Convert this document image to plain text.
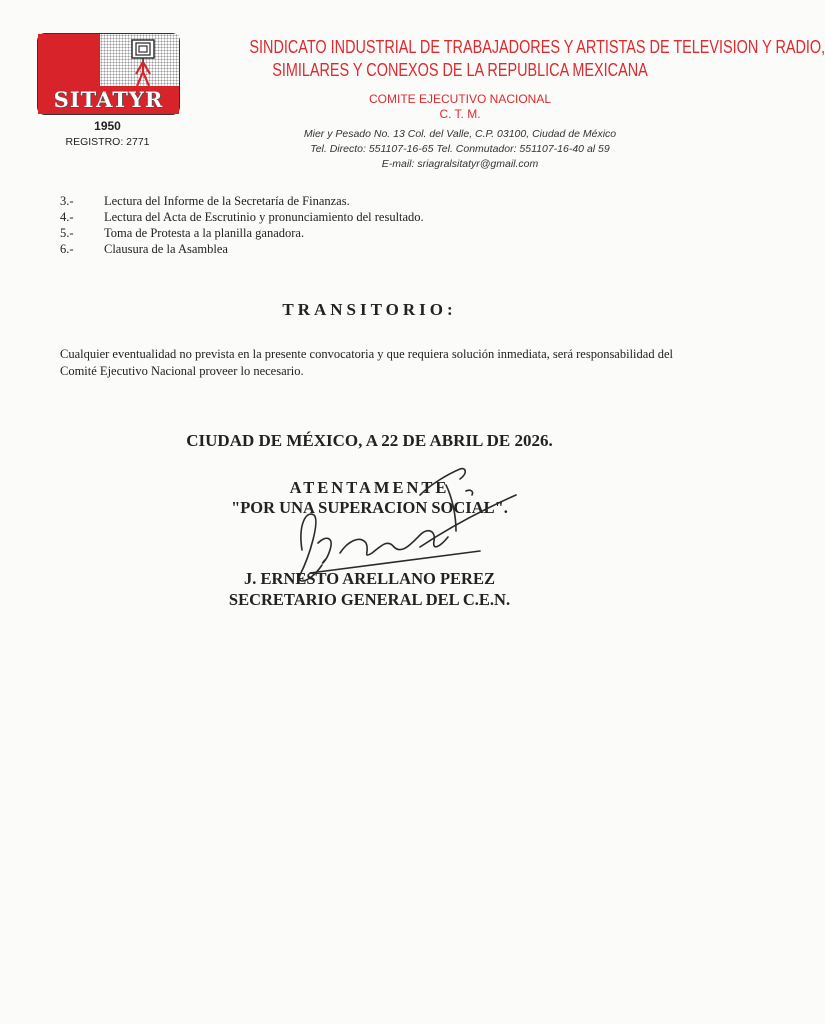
SITATYR
1950
REGISTRO: 2771
SINDICATO INDUSTRIAL DE TRABAJADORES Y ARTISTAS DE TELEVISION Y RADIO,
SIMILARES Y CONEXOS DE LA REPUBLICA MEXICANA
COMITE EJECUTIVO NACIONAL
C. T. M.
Mier y Pesado No. 13 Col. del Valle, C.P. 03100, Ciudad de México
Tel. Directo: 551107-16-65 Tel. Conmutador: 551107-16-40 al 59
E-mail: sriagralsitatyr@gmail.com
3.-	Lectura del Informe de la Secretaría de Finanzas.
4.-	Lectura del Acta de Escrutinio y pronunciamiento del resultado.
5.-	Toma de Protesta a la planilla ganadora.
6.-	Clausura de la Asamblea
TRANSITORIO:
Cualquier eventualidad no prevista en la presente convocatoria y que requiera solución inmediata, será responsabilidad del Comité Ejecutivo Nacional proveer lo necesario.
CIUDAD DE MÉXICO, A 22 DE ABRIL DE 2026.
ATENTAMENTE
"POR UNA SUPERACION SOCIAL".
J. ERNESTO ARELLANO PEREZ
SECRETARIO GENERAL DEL C.E.N.
